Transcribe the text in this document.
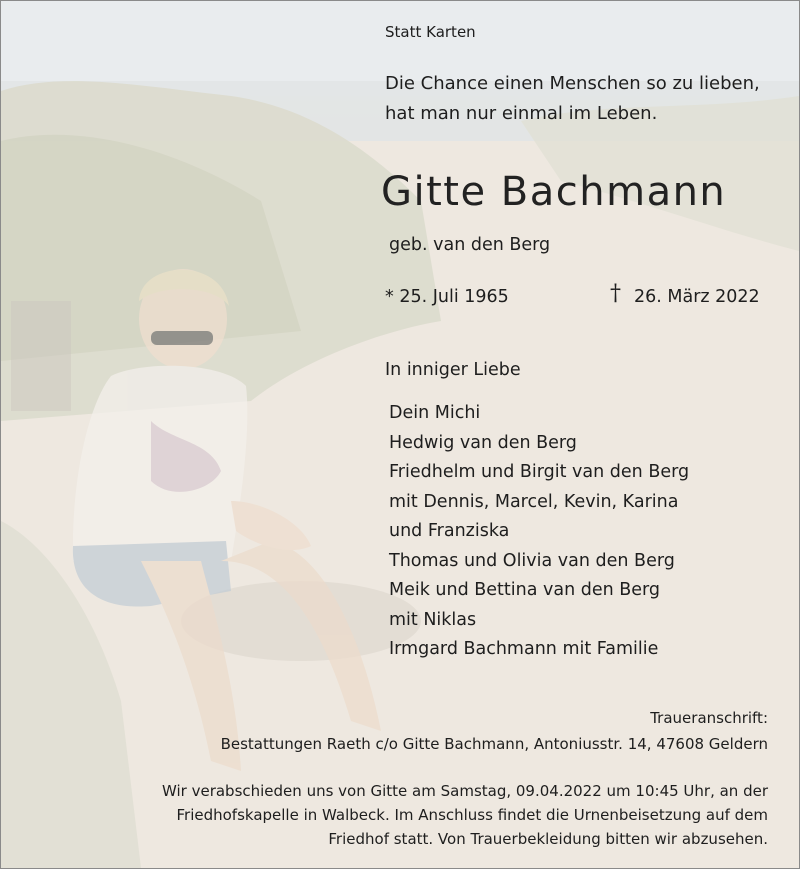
Statt Karten
Die Chance einen Menschen so zu lieben,
hat man nur einmal im Leben.
Gitte Bachmann
geb. van den Berg
* 25. Juli 1965	† 26. März 2022
In inniger Liebe
Dein Michi
Hedwig van den Berg
Friedhelm und Birgit van den Berg
mit Dennis, Marcel, Kevin, Karina
und Franziska
Thomas und Olivia van den Berg
Meik und Bettina van den Berg
mit Niklas
Irmgard Bachmann mit Familie
Traueranschrift:
Bestattungen Raeth c/o Gitte Bachmann, Antoniusstr. 14, 47608 Geldern
Wir verabschieden uns von Gitte am Samstag, 09.04.2022 um 10:45 Uhr, an der
Friedhofskapelle in Walbeck. Im Anschluss findet die Urnenbeisetzung auf dem
Friedhof statt. Von Trauerbekleidung bitten wir abzusehen.
